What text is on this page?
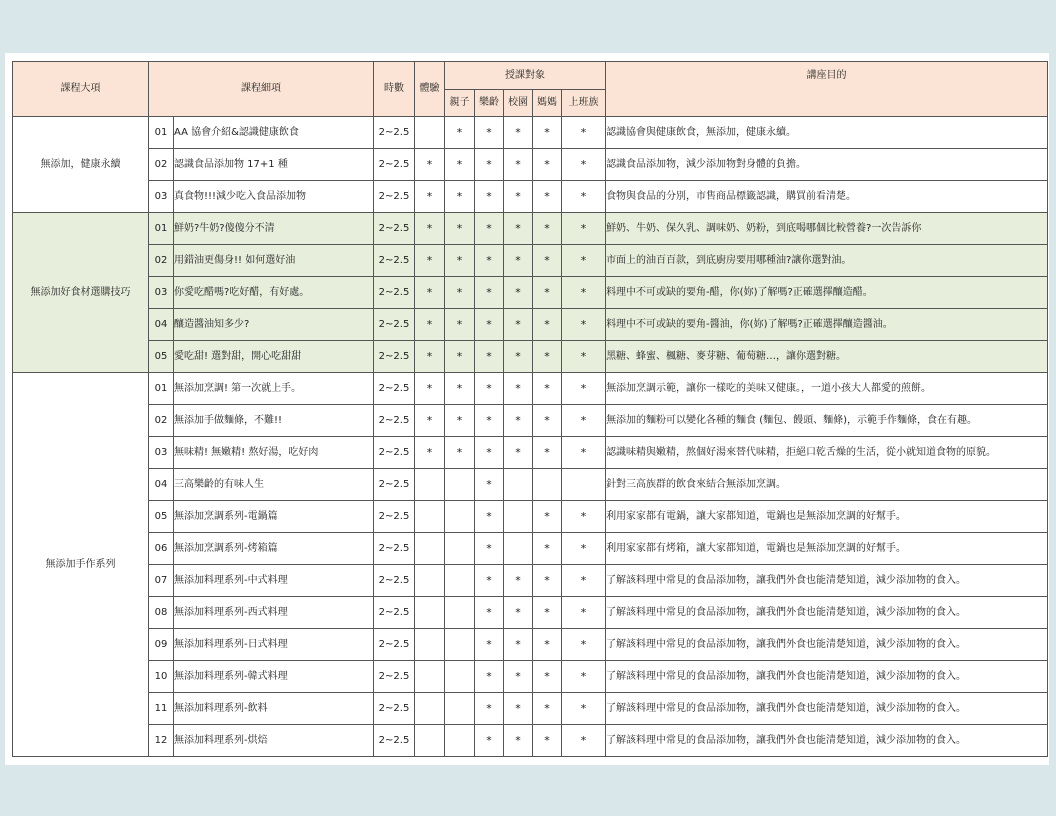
課程大項	課程細項		時數	體驗	授課對象					講座目的
					親子	樂齡	校園	媽媽	上班族	
無添加，健康永續	01	AA 協會介紹&認識健康飲食	2~2.5		*	*	*	*	*	認識協會與健康飲食，無添加，健康永續。
	02	認識食品添加物 17+1 種	2~2.5	*	*	*	*	*	*	認識食品添加物，減少添加物對身體的負擔。
	03	真食物!!!減少吃入食品添加物	2~2.5	*	*	*	*	*	*	食物與食品的分別，市售商品標籤認識，購買前看清楚。
無添加好食材選購技巧	01	鮮奶?牛奶?傻傻分不清	2~2.5	*	*	*	*	*	*	鮮奶、牛奶、保久乳、調味奶、奶粉，到底喝哪個比較營養?一次告訴你
	02	用錯油更傷身!! 如何選好油	2~2.5	*	*	*	*	*	*	市面上的油百百款，到底廚房要用哪種油?讓你選對油。
	03	你愛吃醋嗎?吃好醋，有好處。	2~2.5	*	*	*	*	*	*	料理中不可或缺的要角-醋，你(妳)了解嗎?正確選擇釀造醋。
	04	釀造醬油知多少?	2~2.5	*	*	*	*	*	*	料理中不可或缺的要角-醬油，你(妳)了解嗎?正確選擇釀造醬油。
	05	愛吃甜! 選對甜，開心吃甜甜	2~2.5	*	*	*	*	*	*	黑糖、蜂蜜、楓糖、麥芽糖、葡萄糖…，讓你選對糖。
無添加手作系列	01	無添加烹調! 第一次就上手。	2~2.5	*	*	*	*	*	*	無添加烹調示範，讓你一樣吃的美味又健康。，一道小孩大人都愛的煎餅。
	02	無添加手做麵條，不難!!	2~2.5	*	*	*	*	*	*	無添加的麵粉可以變化各種的麵食 (麵包、饅頭、麵條)，示範手作麵條，食在有趣。
	03	無味精! 無嫩精! 熬好湯，吃好肉	2~2.5	*	*	*	*	*	*	認識味精與嫩精，熬個好湯來替代味精，拒絕口乾舌燥的生活，從小就知道食物的原貌。
	04	三高樂齡的有味人生	2~2.5			*				針對三高族群的飲食來結合無添加烹調。
	05	無添加烹調系列-電鍋篇	2~2.5			*		*	*	利用家家都有電鍋，讓大家都知道，電鍋也是無添加烹調的好幫手。
	06	無添加烹調系列-烤箱篇	2~2.5			*		*	*	利用家家都有烤箱，讓大家都知道，電鍋也是無添加烹調的好幫手。
	07	無添加料理系列-中式料理	2~2.5			*	*	*	*	了解該料理中常見的食品添加物，讓我們外食也能清楚知道，減少添加物的食入。
	08	無添加料理系列-西式料理	2~2.5			*	*	*	*	了解該料理中常見的食品添加物，讓我們外食也能清楚知道，減少添加物的食入。
	09	無添加料理系列-日式料理	2~2.5			*	*	*	*	了解該料理中常見的食品添加物，讓我們外食也能清楚知道，減少添加物的食入。
	10	無添加料理系列-韓式料理	2~2.5			*	*	*	*	了解該料理中常見的食品添加物，讓我們外食也能清楚知道，減少添加物的食入。
	11	無添加料理系列-飲料	2~2.5			*	*	*	*	了解該料理中常見的食品添加物，讓我們外食也能清楚知道，減少添加物的食入。
	12	無添加料理系列-烘焙	2~2.5			*	*	*	*	了解該料理中常見的食品添加物，讓我們外食也能清楚知道，減少添加物的食入。
